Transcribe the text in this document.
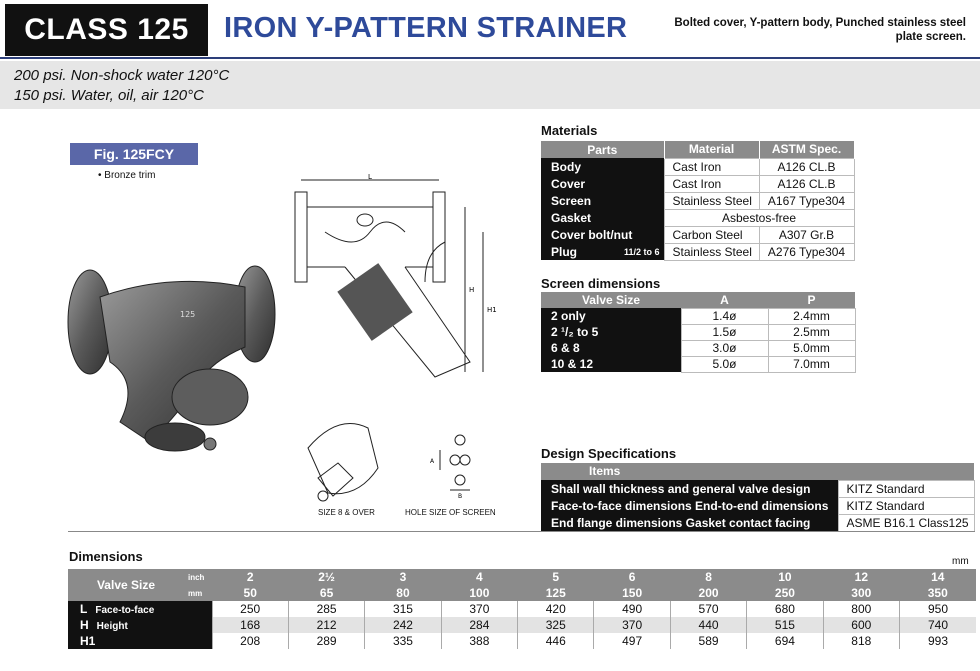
CLASS 125	IRON Y-PATTERN STRAINER	Bolted cover, Y-pattern body, Punched stainless steel plate screen.
200 psi. Non-shock water 120°C
150 psi. Water, oil, air 120°C
Fig. 125FCY
• Bronze trim
125
L
H
H1
A
B
SIZE 8 & OVER	HOLE SIZE OF SCREEN
Materials
Parts	Material	ASTM Spec.
Body	Cast Iron	A126 CL.B
Cover	Cast Iron	A126 CL.B
Screen	Stainless Steel	A167 Type304
Gasket	Asbestos-free	
Cover bolt/nut	Carbon Steel	A307 Gr.B
Plug 11/2 to 6	Stainless Steel	A276 Type304
Screen dimensions
Valve Size	A	P
2 only	1.4ø	2.4mm
2 ¹/₂ to 5	1.5ø	2.5mm
6 & 8	3.0ø	5.0mm
10 & 12	5.0ø	7.0mm
Design Specifications
Items	
Shall wall thickness and general valve design	KITZ Standard
Face-to-face dimensions End-to-end dimensions	KITZ Standard
End flange dimensions Gasket contact facing	ASME B16.1 Class125
Dimensions	mm
Valve Size	inch	2	2½	3	4	5	6	8	10	12	14
	mm	50	65	80	100	125	150	200	250	300	350
L Face-to-face		250	285	315	370	420	490	570	680	800	950
H Height		168	212	242	284	325	370	440	515	600	740
H1		208	289	335	388	446	497	589	694	818	993
